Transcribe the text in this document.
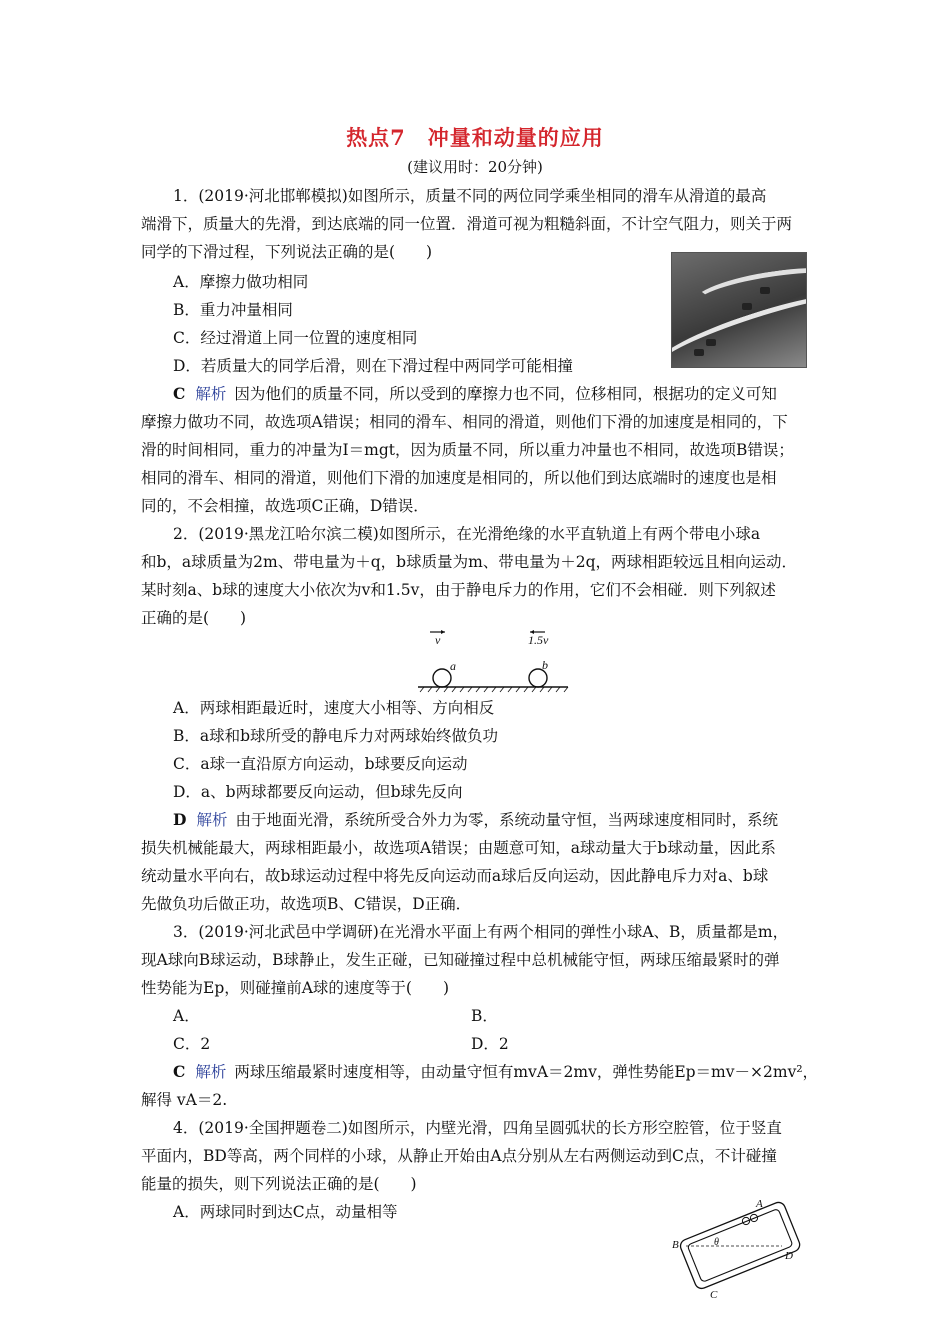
热点7　冲量和动量的应用
(建议用时：20分钟)
1．(2019·河北邯郸模拟)如图所示，质量不同的两位同学乘坐相同的滑车从滑道的最高
端滑下，质量大的先滑，到达底端的同一位置．滑道可视为粗糙斜面，不计空气阻力，则关于两
同学的下滑过程，下列说法正确的是(　　)
A．摩擦力做功相同
B．重力冲量相同
C．经过滑道上同一位置的速度相同
D．若质量大的同学后滑，则在下滑过程中两同学可能相撞
C 解析 因为他们的质量不同，所以受到的摩擦力也不同，位移相同，根据功的定义可知
摩擦力做功不同，故选项A错误；相同的滑车、相同的滑道，则他们下滑的加速度是相同的，下
滑的时间相同，重力的冲量为I＝mgt，因为质量不同，所以重力冲量也不相同，故选项B错误；
相同的滑车、相同的滑道，则他们下滑的加速度是相同的，所以他们到达底端时的速度也是相
同的，不会相撞，故选项C正确，D错误．
2．(2019·黑龙江哈尔滨二模)如图所示，在光滑绝缘的水平直轨道上有两个带电小球a
和b，a球质量为2m、带电量为＋q，b球质量为m、带电量为＋2q，两球相距较远且相向运动．
某时刻a、b球的速度大小依次为v和1.5v，由于静电斥力的作用，它们不会相碰．则下列叙述
正确的是(　　)
v	1.5v
a	b
A．两球相距最近时，速度大小相等、方向相反
B．a球和b球所受的静电斥力对两球始终做负功
C．a球一直沿原方向运动，b球要反向运动
D．a、b两球都要反向运动，但b球先反向
D 解析 由于地面光滑，系统所受合外力为零，系统动量守恒，当两球速度相同时，系统
损失机械能最大，两球相距最小，故选项A错误；由题意可知，a球动量大于b球动量，因此系
统动量水平向右，故b球运动过程中将先反向运动而a球后反向运动，因此静电斥力对a、b球
先做负功后做正功，故选项B、C错误，D正确．
3．(2019·河北武邑中学调研)在光滑水平面上有两个相同的弹性小球A、B，质量都是m，
现A球向B球运动，B球静止，发生正碰，已知碰撞过程中总机械能守恒，两球压缩最紧时的弹
性势能为Ep，则碰撞前A球的速度等于(　　)
A．	B．
C．2	D．2
C 解析 两球压缩最紧时速度相等，由动量守恒有mvA＝2mv，弹性势能Ep＝mv－×2mv²，
解得 vA＝2.
4．(2019·全国押题卷二)如图所示，内壁光滑，四角呈圆弧状的长方形空腔管，位于竖直
平面内，BD等高，两个同样的小球，从静止开始由A点分别从左右两侧运动到C点，不计碰撞
能量的损失，则下列说法正确的是(　　)
A．两球同时到达C点，动量相等	A
B
C
D
θ
